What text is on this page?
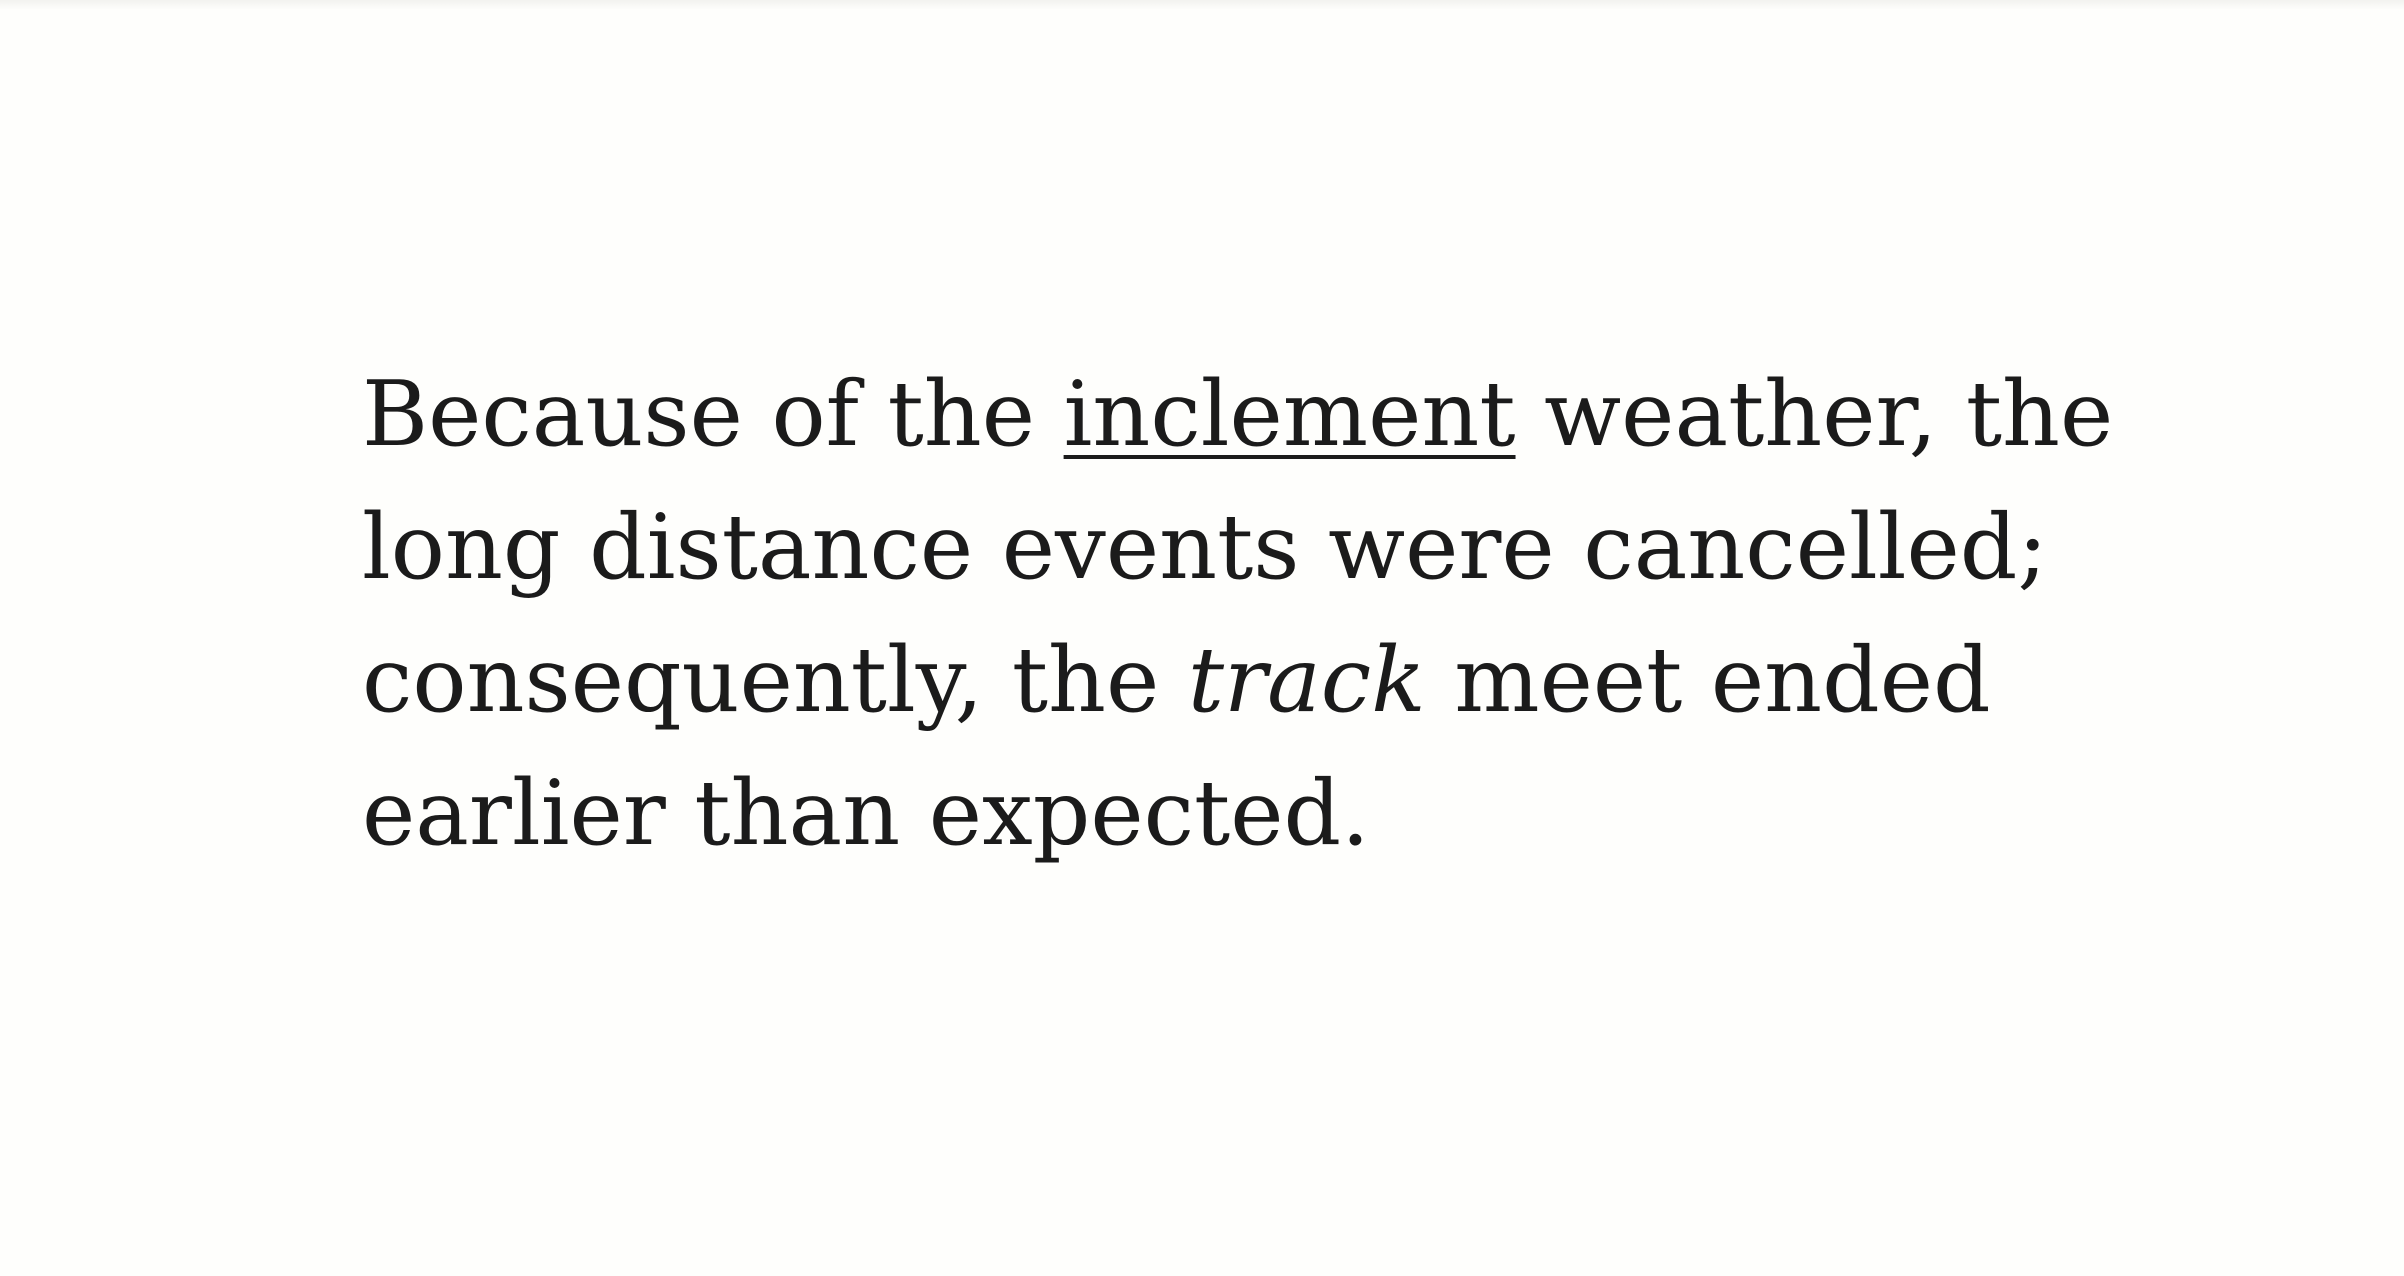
Because of the inclement weather, the
long distance events were cancelled;
consequently, the track meet ended
earlier than expected.
